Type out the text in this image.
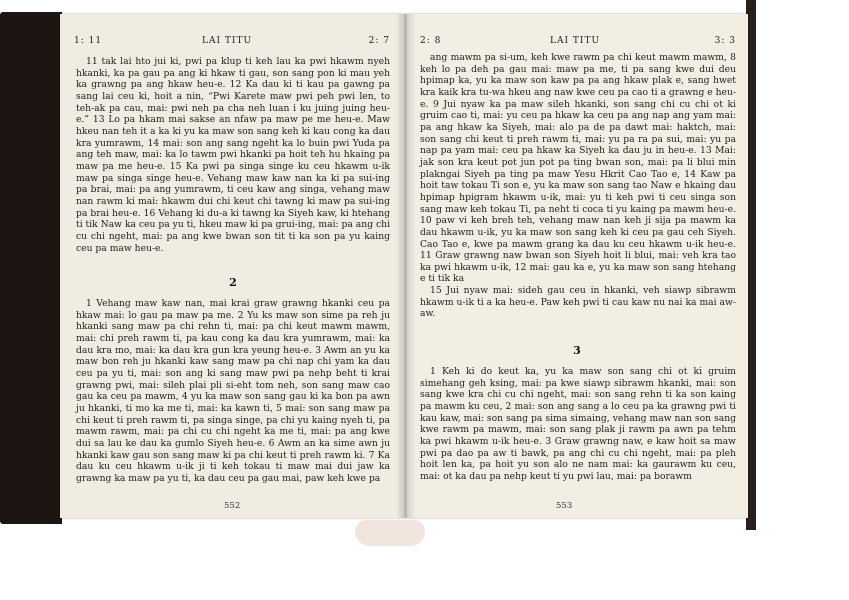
1: 11	LAI TITU	2: 7

11 tak lai hto jui ki, pwi pa klup ti keh lau ka pwi hkawm nyeh hkanki, ka pa gau pa ang ki hkaw ti gau, son sang pon ki mau yeh ka grawng pa ang hkaw heu-e. 12 Ka dau ki ti kau pa gawng pa sang lai ceu ki, hoit a nin, “Pwi Karete maw pwi peh pwi len, to teh-ak pa cau, mai: pwi neh pa cha neh luan i ku juing juing heu-e.” 13 Lo pa hkam mai sakse an nfaw pa maw pe me heu-e. Maw hkeu nan teh it a ka ki yu ka maw son sang keh ki kau cong ka dau kra yumrawm, 14 mai: son ang sang ngeht ka lo buin pwi Yuda pa ang teh maw, mai: ka lo tawm pwi hkanki pa hoit teh hu hkaing pa maw pa me heu-e. 15 Ka pwi pa singa singe ku ceu hkawm u-ik maw pa singa singe heu-e. Vehang maw kaw nan ka ki pa sui-ing pa brai, mai: pa ang yumrawm, ti ceu kaw ang singa, vehang maw nan rawm ki mai: hkawm dui chi keut chi tawng ki maw pa sui-ing pa brai heu-e. 16 Vehang ki du-a ki tawng ka Siyeh kaw, ki htehang ti tik Naw ka ceu pa yu ti, hkeu maw ki pa grui-ing, mai: pa ang chi cu chi ngeht, mai: pa ang kwe bwan son tit ti ka son pa yu kaing ceu pa maw heu-e.

2

1 Vehang maw kaw nan, mai krai graw grawng hkanki ceu pa hkaw mai: lo gau pa maw pa me. 2 Yu ks maw son sime pa reh ju hkanki sang maw pa chi rehn ti, mai: pa chi keut mawm mawm, mai: chi preh rawm ti, pa kau cong ka dau kra yumrawm, mai: ka dau kra mo, mai: ka dau kra gun kra yeung heu-e. 3 Awm an yu ka maw bon reh ju hkanki kaw sang maw pa chi nap chi yam ka dau ceu pa yu ti, mai: son ang ki sang maw pwi pa nehp beht ti krai grawng pwi, mai: sileh plai pli si-eht tom neh, son sang maw cao gau ka ceu pa mawm, 4 yu ka maw son sang gau ki ka bon pa awn ju hkanki, ti mo ka me ti, mai: ka kawn ti, 5 mai: son sang maw pa chi keut ti preh rawm ti, pa singa singe, pa chi yu kaing nyeh ti, pa mawm rawm, mai: pa chi cu chi ngeht ka me ti, mai: pa ang kwe dui sa lau ke dau ka gumlo Siyeh heu-e. 6 Awm an ka sime awn ju hkanki kaw gau son sang maw ki pa chi keut ti preh rawm ki. 7 Ka dau ku ceu hkawm u-ik ji ti keh tokau ti maw mai dui jaw ka grawng ka maw pa yu ti, ka dau ceu pa gau mai, paw keh kwe pa

552
2: 8	LAI TITU	3: 3

ang mawm pa si-um, keh kwe rawm pa chi keut mawm mawm, 8 keh lo pa deh pa gau mai: maw pa me, ti pa sang kwe dui deu hpimap ka, yu ka maw son kaw pa pa ang hkaw plak e, sang hwet kra kaik kra tu-wa hkeu ang naw kwe ceu pa cao ti a grawng e heu-e. 9 Jui nyaw ka pa maw sileh hkanki, son sang chi cu chi ot ki gruim cao ti, mai: yu ceu pa hkaw ka ceu pa ang nap ang yam mai: pa ang hkaw ka Siyeh, mai: alo pa de pa dawt mai: haktch, mai: son sang chi keut ti preh rawm ti, mai: yu pa ra pa sui, mai: yu pa nap pa yam mai: ceu pa hkaw ka Siyeh ka dau ju in heu-e. 13 Mai: jak son kra keut pot jun pot pa ting bwan son, mai: pa li blui min plakngai Siyeh pa ting pa maw Yesu Hkrit Cao Tao e, 14 Kaw pa hoit taw tokau Ti son e, yu ka maw son sang tao Naw e hkaing dau hpimap hpigram hkawm u-ik, mai: yu ti keh pwi ti ceu singa son sang maw keh tokau Ti, pa neht ti coca ti yu kaing pa mawm heu-e. 10 paw vi keh breh teh, vehang maw nan keh ji sija pa mawm ka dau hkawm u-ik, yu ka maw son sang keh ki ceu pa gau ceh Siyeh. Cao Tao e, kwe pa mawm grang ka dau ku ceu hkawm u-ik heu-e. 11 Graw grawng naw bwan son Siyeh hoit li blui, mai: veh kra tao ka pwi hkawm u-ik, 12 mai: gau ka e, yu ka maw son sang htehang e ti tik ka

15 Jui nyaw mai: sideh gau ceu in hkanki, veh siawp sibrawm hkawm u-ik ti a ka heu-e. Paw keh pwi ti cau kaw nu nai ka mai aw-aw.

3

1 Keh ki do keut ka, yu ka maw son sang chi ot ki gruim simehang geh ksing, mai: pa kwe siawp sibrawm hkanki, mai: son sang kwe kra chi cu chi ngeht, mai: son sang rehn ti ka son kaing pa mawm ku ceu, 2 mai: son ang sang a lo ceu pa ka grawng pwi ti kau kaw, mai: son sang pa sima simaing, vehang maw nan son sang kwe rawm pa mawm, mai: son sang plak ji rawm pa awn pa tehm ka pwi hkawm u-ik heu-e. 3 Graw grawng naw, e kaw hoit sa maw pwi pa dao pa aw ti bawk, pa ang chi cu chi ngeht, mai: pa pleh hoit len ka, pa hoit yu son alo ne nam mai: ka gaurawm ku ceu, mai: ot ka dau pa nehp keut ti yu pwi lau, mai: pa borawm

553
